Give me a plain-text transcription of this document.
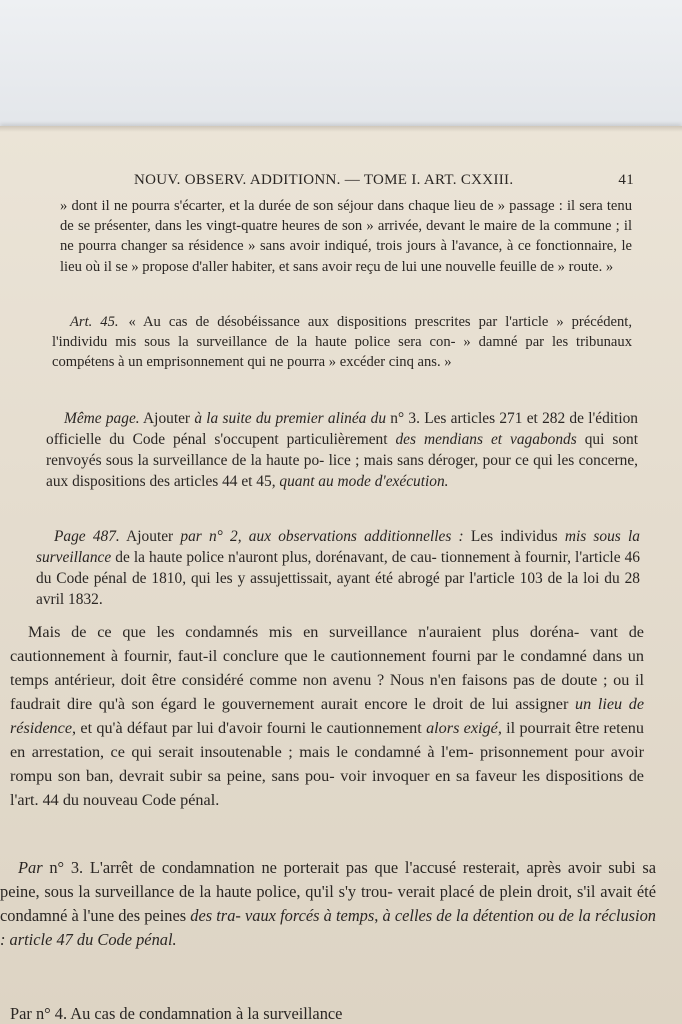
NOUV. OBSERV. ADDITIONN. — TOME I. ART. CXXIII.	41
» dont il ne pourra s'écarter, et la durée de son séjour dans chaque lieu de » passage : il sera tenu de se présenter, dans les vingt-quatre heures de son » arrivée, devant le maire de la commune ; il ne pourra changer sa résidence » sans avoir indiqué, trois jours à l'avance, à ce fonctionnaire, le lieu où il se » propose d'aller habiter, et sans avoir reçu de lui une nouvelle feuille de » route. »
Art. 45. « Au cas de désobéissance aux dispositions prescrites par l'article » précédent, l'individu mis sous la surveillance de la haute police sera con- » damné par les tribunaux compétens à un emprisonnement qui ne pourra » excéder cinq ans. »
Même page. Ajouter à la suite du premier alinéa du n° 3. Les articles 271 et 282 de l'édition officielle du Code pénal s'occupent particulièrement des mendians et vagabonds qui sont renvoyés sous la surveillance de la haute po- lice ; mais sans déroger, pour ce qui les concerne, aux dispositions des articles 44 et 45, quant au mode d'exécution.
Page 487. Ajouter par n° 2, aux observations additionnelles : Les individus mis sous la surveillance de la haute police n'auront plus, dorénavant, de cau- tionnement à fournir, l'article 46 du Code pénal de 1810, qui les y assujettissait, ayant été abrogé par l'article 103 de la loi du 28 avril 1832.
Mais de ce que les condamnés mis en surveillance n'auraient plus doréna- vant de cautionnement à fournir, faut-il conclure que le cautionnement fourni par le condamné dans un temps antérieur, doit être considéré comme non avenu ? Nous n'en faisons pas de doute ; ou il faudrait dire qu'à son égard le gouvernement aurait encore le droit de lui assigner un lieu de résidence, et qu'à défaut par lui d'avoir fourni le cautionnement alors exigé, il pourrait être retenu en arrestation, ce qui serait insoutenable ; mais le condamné à l'em- prisonnement pour avoir rompu son ban, devrait subir sa peine, sans pou- voir invoquer en sa faveur les dispositions de l'art. 44 du nouveau Code pénal.
Par n° 3. L'arrêt de condamnation ne porterait pas que l'accusé resterait, après avoir subi sa peine, sous la surveillance de la haute police, qu'il s'y trou- verait placé de plein droit, s'il avait été condamné à l'une des peines des tra- vaux forcés à temps, à celles de la détention ou de la réclusion : article 47 du Code pénal.
Par n° 4. Au cas de condamnation à la surveillance
